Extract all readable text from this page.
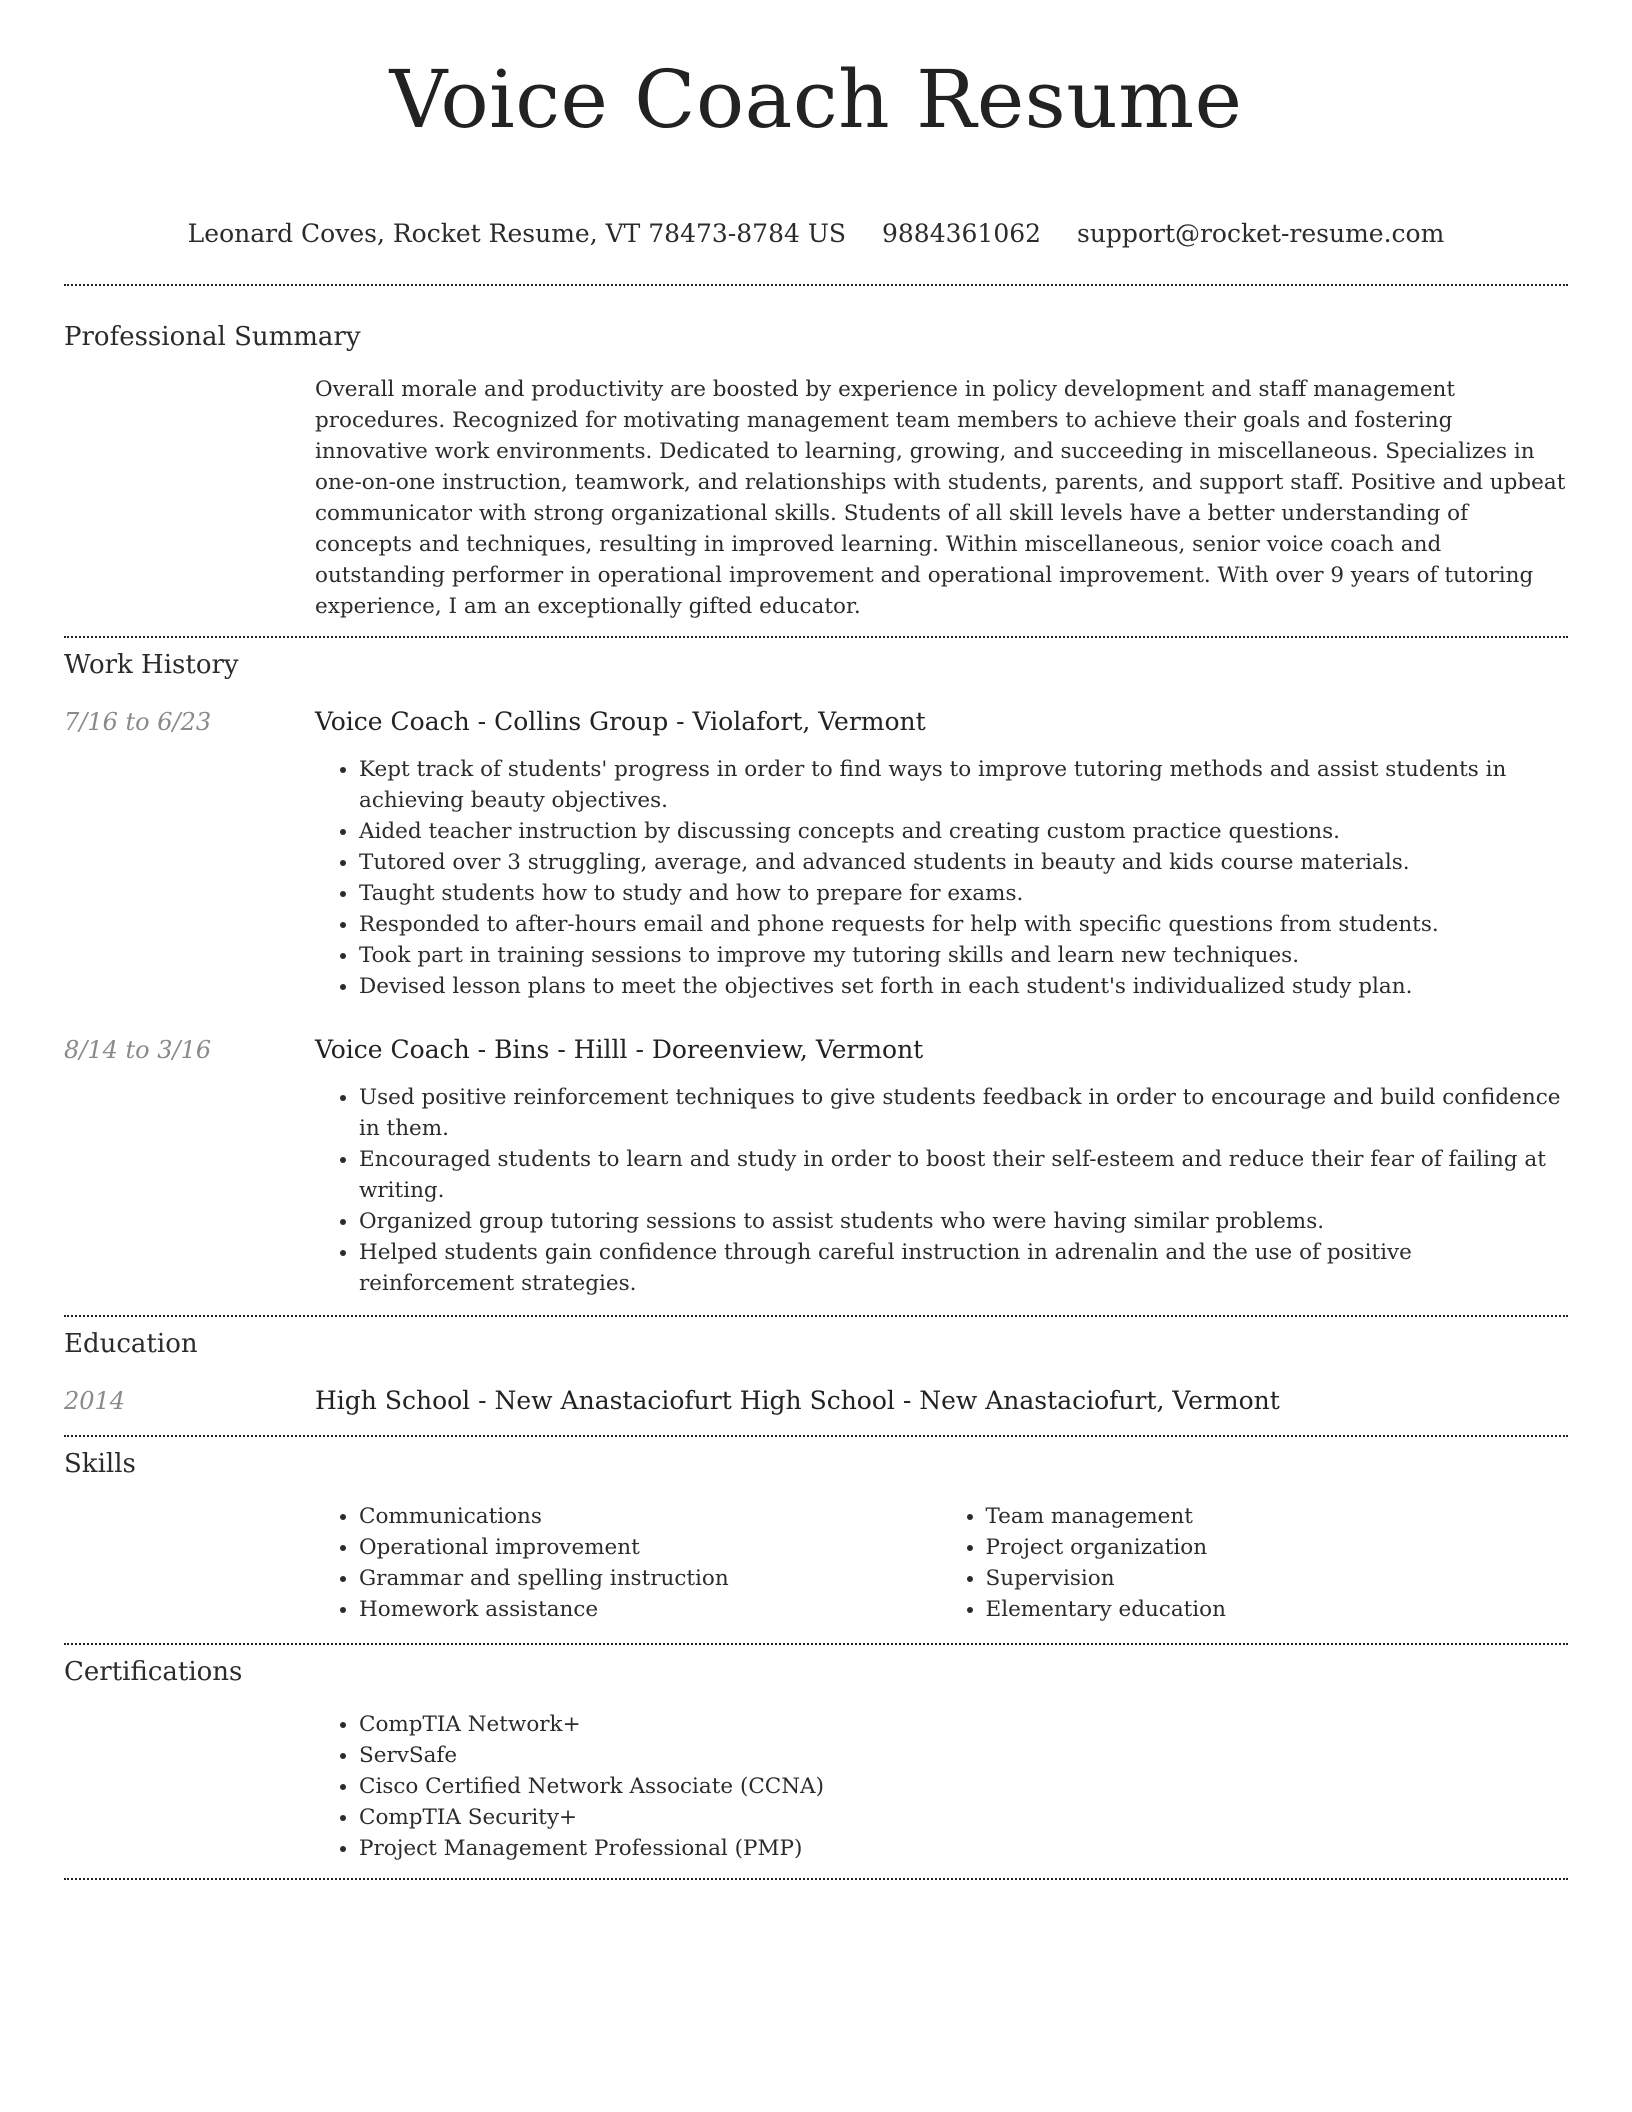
Voice Coach Resume
Leonard Coves, Rocket Resume, VT 78473-8784 US 9884361062 support@rocket-resume.com
Professional Summary

Overall morale and productivity are boosted by experience in policy development and staff management procedures. Recognized for motivating management team members to achieve their goals and fostering innovative work environments. Dedicated to learning, growing, and succeeding in miscellaneous. Specializes in one-on-one instruction, teamwork, and relationships with students, parents, and support staff. Positive and upbeat communicator with strong organizational skills. Students of all skill levels have a better understanding of concepts and techniques, resulting in improved learning. Within miscellaneous, senior voice coach and outstanding performer in operational improvement and operational improvement. With over 9 years of tutoring experience, I am an exceptionally gifted educator.

Work History
7/16 to 6/23	Voice Coach - Collins Group - Violafort, Vermont
• Kept track of students' progress in order to find ways to improve tutoring methods and assist students in achieving beauty objectives.
• Aided teacher instruction by discussing concepts and creating custom practice questions.
• Tutored over 3 struggling, average, and advanced students in beauty and kids course materials.
• Taught students how to study and how to prepare for exams.
• Responded to after-hours email and phone requests for help with specific questions from students.
• Took part in training sessions to improve my tutoring skills and learn new techniques.
• Devised lesson plans to meet the objectives set forth in each student's individualized study plan.
8/14 to 3/16	Voice Coach - Bins - Hilll - Doreenview, Vermont
• Used positive reinforcement techniques to give students feedback in order to encourage and build confidence in them.
• Encouraged students to learn and study in order to boost their self-esteem and reduce their fear of failing at writing.
• Organized group tutoring sessions to assist students who were having similar problems.
• Helped students gain confidence through careful instruction in adrenalin and the use of positive reinforcement strategies.
Education
2014	High School - New Anastaciofurt High School - New Anastaciofurt, Vermont
Skills
• Communications
• Operational improvement
• Grammar and spelling instruction
• Homework assistance
• Team management
• Project organization
• Supervision
• Elementary education
Certifications
• CompTIA Network+
• ServSafe
• Cisco Certified Network Associate (CCNA)
• CompTIA Security+
• Project Management Professional (PMP)
